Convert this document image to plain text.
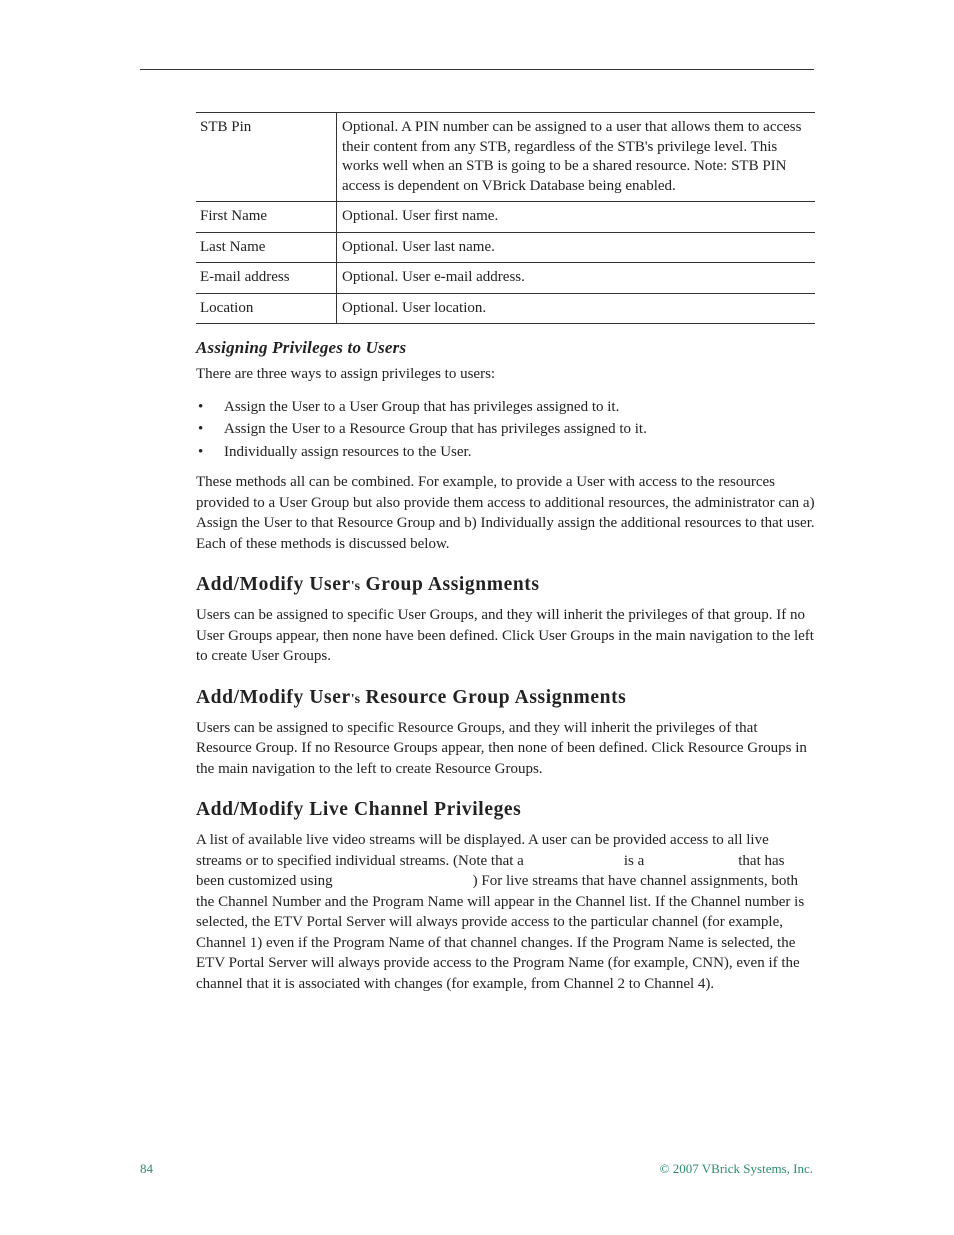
STB Pin	Optional. A PIN number can be assigned to a user that allows them to access their content from any STB, regardless of the STB's privilege level. This works well when an STB is going to be a shared resource. Note: STB PIN access is dependent on VBrick Database being enabled.
First Name	Optional. User first name.
Last Name	Optional. User last name.
E-mail address	Optional. User e-mail address.
Location	Optional. User location.
Assigning Privileges to Users

There are three ways to assign privileges to users:

• Assign the User to a User Group that has privileges assigned to it.
• Assign the User to a Resource Group that has privileges assigned to it.
• Individually assign resources to the User.

These methods all can be combined. For example, to provide a User with access to the resources provided to a User Group but also provide them access to additional resources, the administrator can a) Assign the User to that Resource Group and b) Individually assign the additional resources to that user. Each of these methods is discussed below.

Add/Modify User's Group Assignments

Users can be assigned to specific User Groups, and they will inherit the privileges of that group. If no User Groups appear, then none have been defined. Click User Groups in the main navigation to the left to create User Groups.

Add/Modify User's Resource Group Assignments

Users can be assigned to specific Resource Groups, and they will inherit the privileges of that Resource Group. If no Resource Groups appear, then none of been defined. Click Resource Groups in the main navigation to the left to create Resource Groups.

Add/Modify Live Channel Privileges

A list of available live video streams will be displayed. A user can be provided access to all live streams or to specified individual streams. (Note that a	is a	that has been customized using	) For live streams that have channel assignments, both the Channel Number and the Program Name will appear in the Channel list. If the Channel number is selected, the ETV Portal Server will always provide access to the particular channel (for example, Channel 1) even if the Program Name of that channel changes. If the Program Name is selected, the ETV Portal Server will always provide access to the Program Name (for example, CNN), even if the channel that it is associated with changes (for example, from Channel 2 to Channel 4).

84	© 2007 VBrick Systems, Inc.
